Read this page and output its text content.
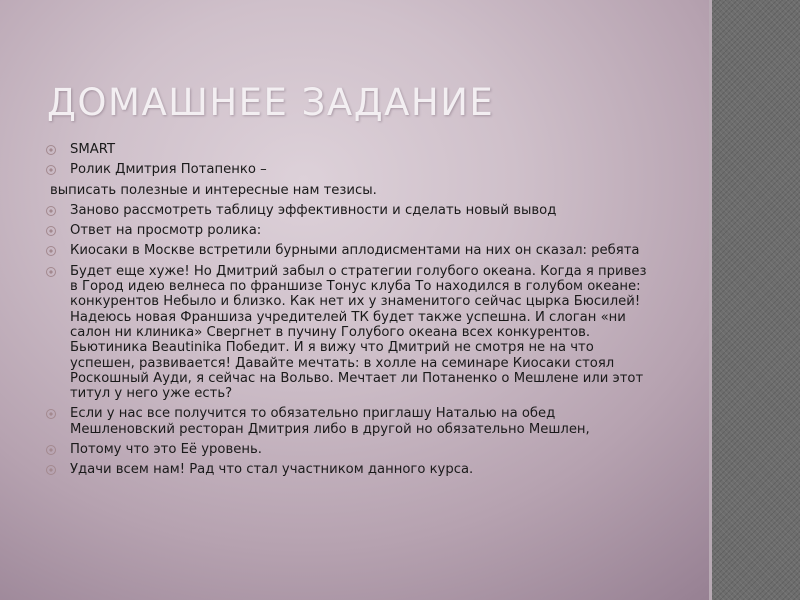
ДОМАШНЕЕ ЗАДАНИЕ
SMART
Ролик Дмитрия Потапенко –
выписать полезные и интересные нам тезисы.
Заново рассмотреть таблицу эффективности и сделать новый вывод
Ответ на просмотр ролика:
Киосаки в Москве встретили бурными аплодисментами на них он сказал: ребята
Будет еще хуже! Но Дмитрий забыл о стратегии голубого океана. Когда я привез в Город идею велнеса по франшизе Тонус клуба То находился в голубом океане: конкурентов Небыло и близко. Как нет их у знаменитого сейчас цырка Бюсилей! Надеюсь новая Франшиза учредителей ТК будет также успешна. И слоган «ни салон ни клиника» Свергнет в пучину Голубого океана всех конкурентов. Бьютиника Beautinika Победит. И я вижу что Дмитрий не смотря не на что успешен, развивается! Давайте мечтать: в холле на семинаре Киосаки стоял Роскошный Ауди, я сейчас на Вольво. Мечтает ли Потаненко о Мешлене или этот титул у него уже есть?
Если у нас все получится то обязательно приглашу Наталью на обед Мешленовский ресторан Дмитрия либо в другой но обязательно Мешлен,
Потому что это Её уровень.
Удачи всем нам! Рад что стал участником данного курса.
